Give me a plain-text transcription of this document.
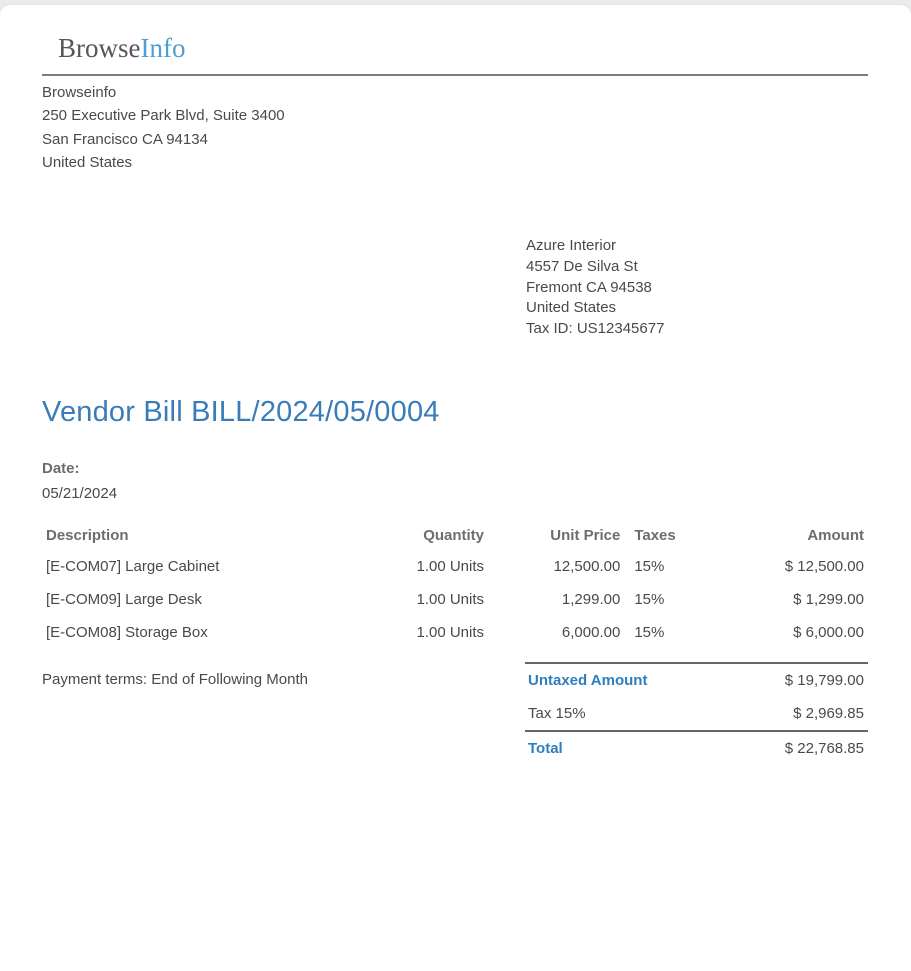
BrowseInfo
Browseinfo
250 Executive Park Blvd, Suite 3400
San Francisco CA 94134
United States
Azure Interior
4557 De Silva St
Fremont CA 94538
United States
Tax ID: US12345677
Vendor Bill BILL/2024/05/0004
Date:
05/21/2024
Description	Quantity	Unit Price	Taxes	Amount
[E-COM07] Large Cabinet	1.00 Units	12,500.00	15%	$ 12,500.00
[E-COM09] Large Desk	1.00 Units	1,299.00	15%	$ 1,299.00
[E-COM08] Storage Box	1.00 Units	6,000.00	15%	$ 6,000.00
Payment terms: End of Following Month	Untaxed Amount	$ 19,799.00
Tax 15%	$ 2,969.85
Total	$ 22,768.85
